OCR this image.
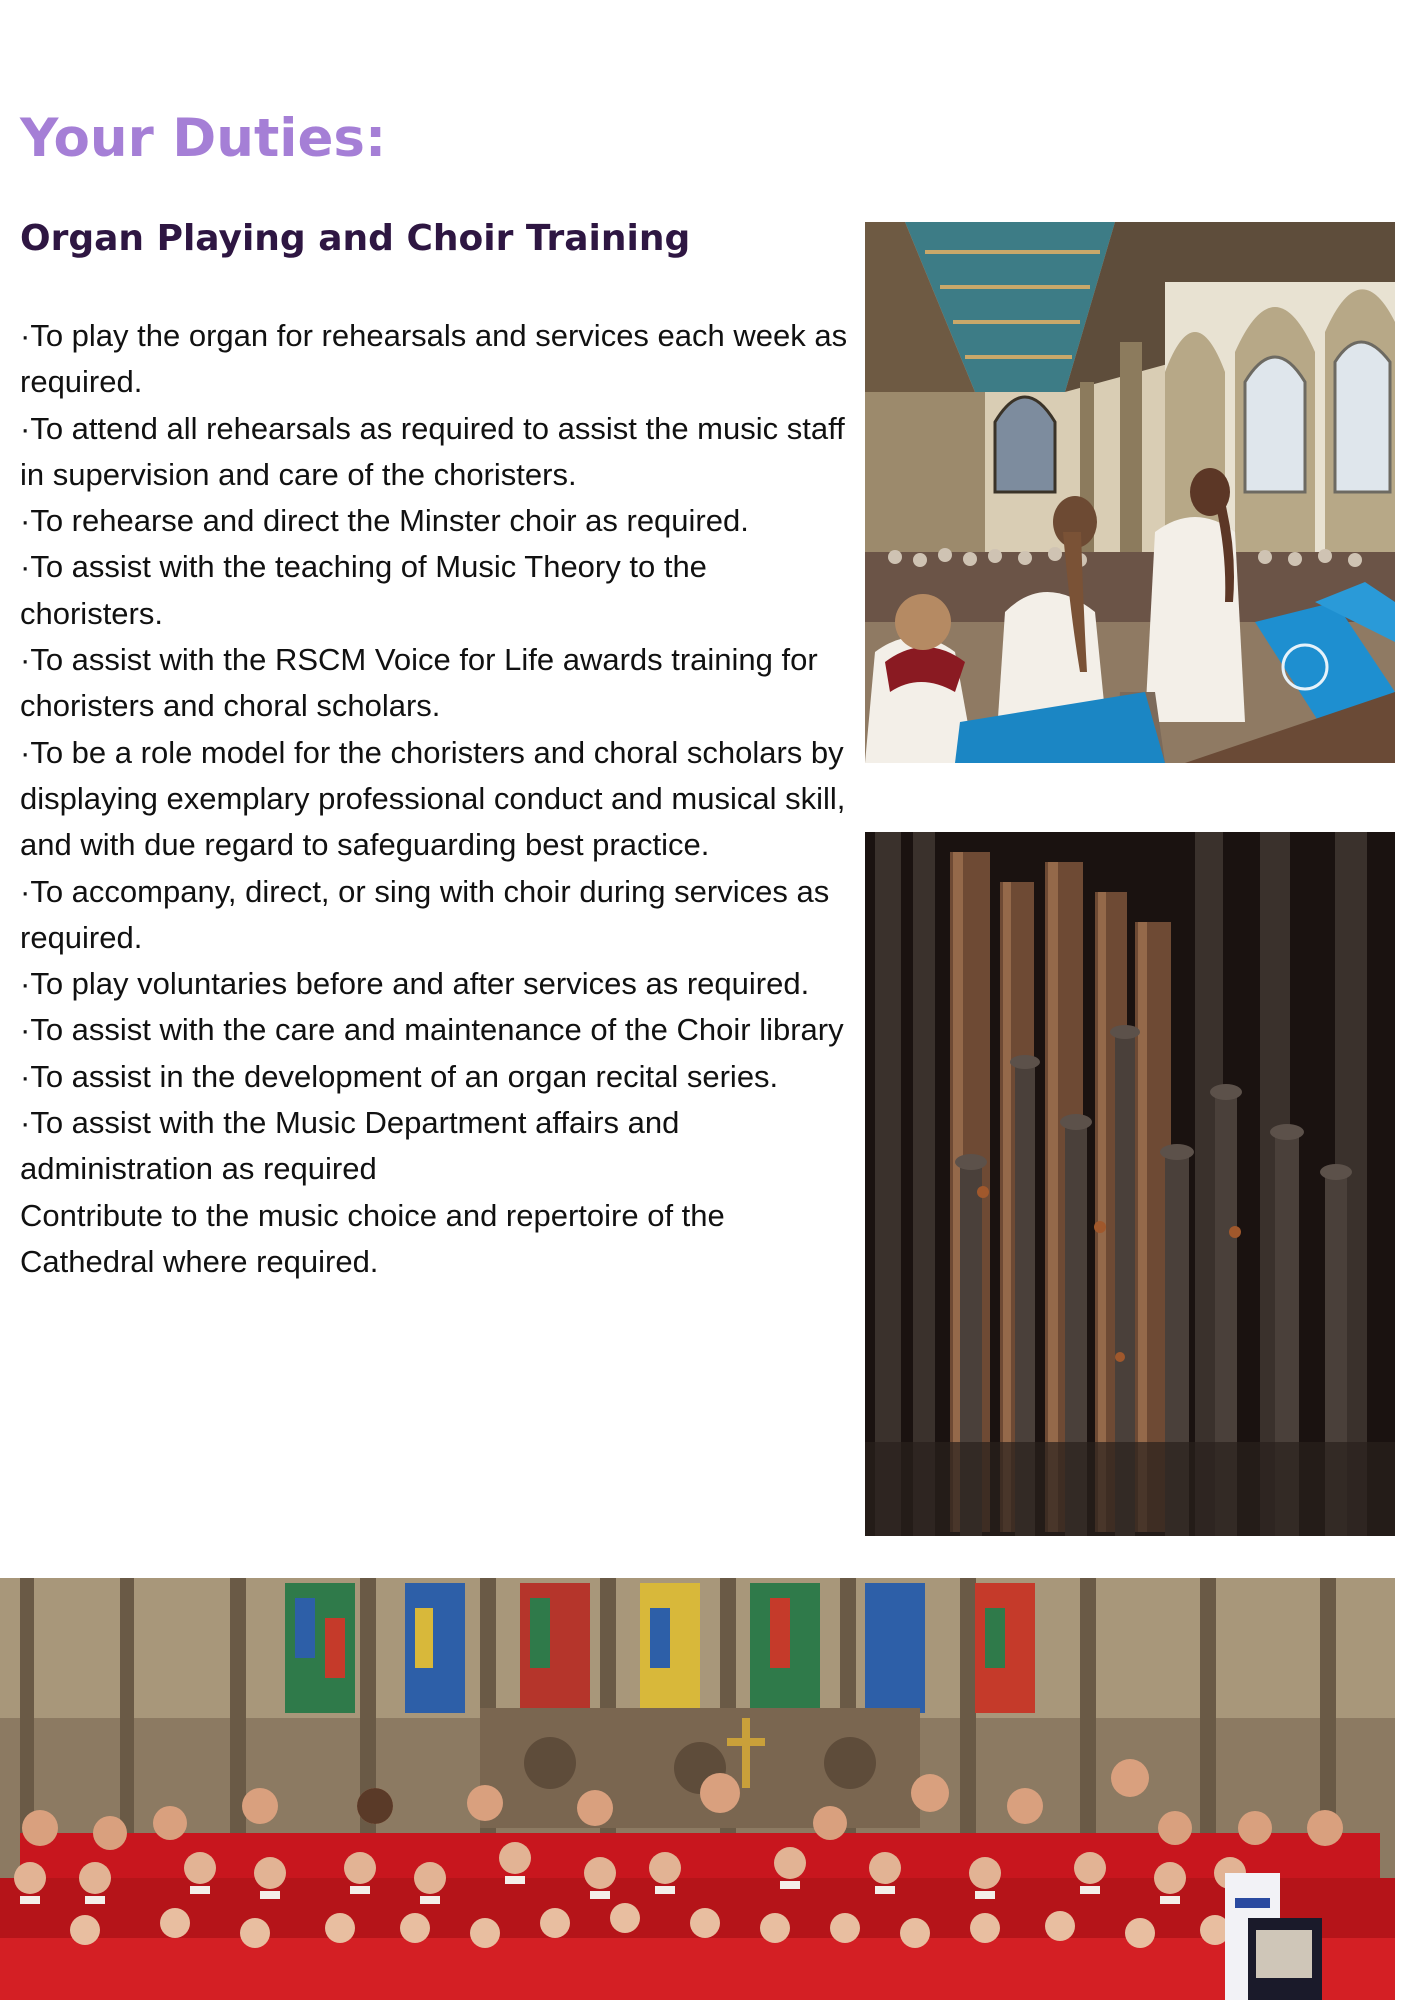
Your Duties:
Organ Playing and Choir Training
·To play the organ for rehearsals and services each week as required.
·To attend all rehearsals as required to assist the music staff in supervision and care of the choristers.
·To rehearse and direct the Minster choir as required.
·To assist with the teaching of Music Theory to the choristers.
·To assist with the RSCM Voice for Life awards training for choristers and choral scholars.
·To be a role model for the choristers and choral scholars by displaying exemplary professional conduct and musical skill, and with due regard to safeguarding best practice.
·To accompany, direct, or sing with choir during services as required.
·To play voluntaries before and after services as required.
·To assist with the care and maintenance of the Choir library
·To assist in the development of an organ recital series.
·To assist with the Music Department affairs and administration as required
Contribute to the music choice and repertoire of the Cathedral where required.
